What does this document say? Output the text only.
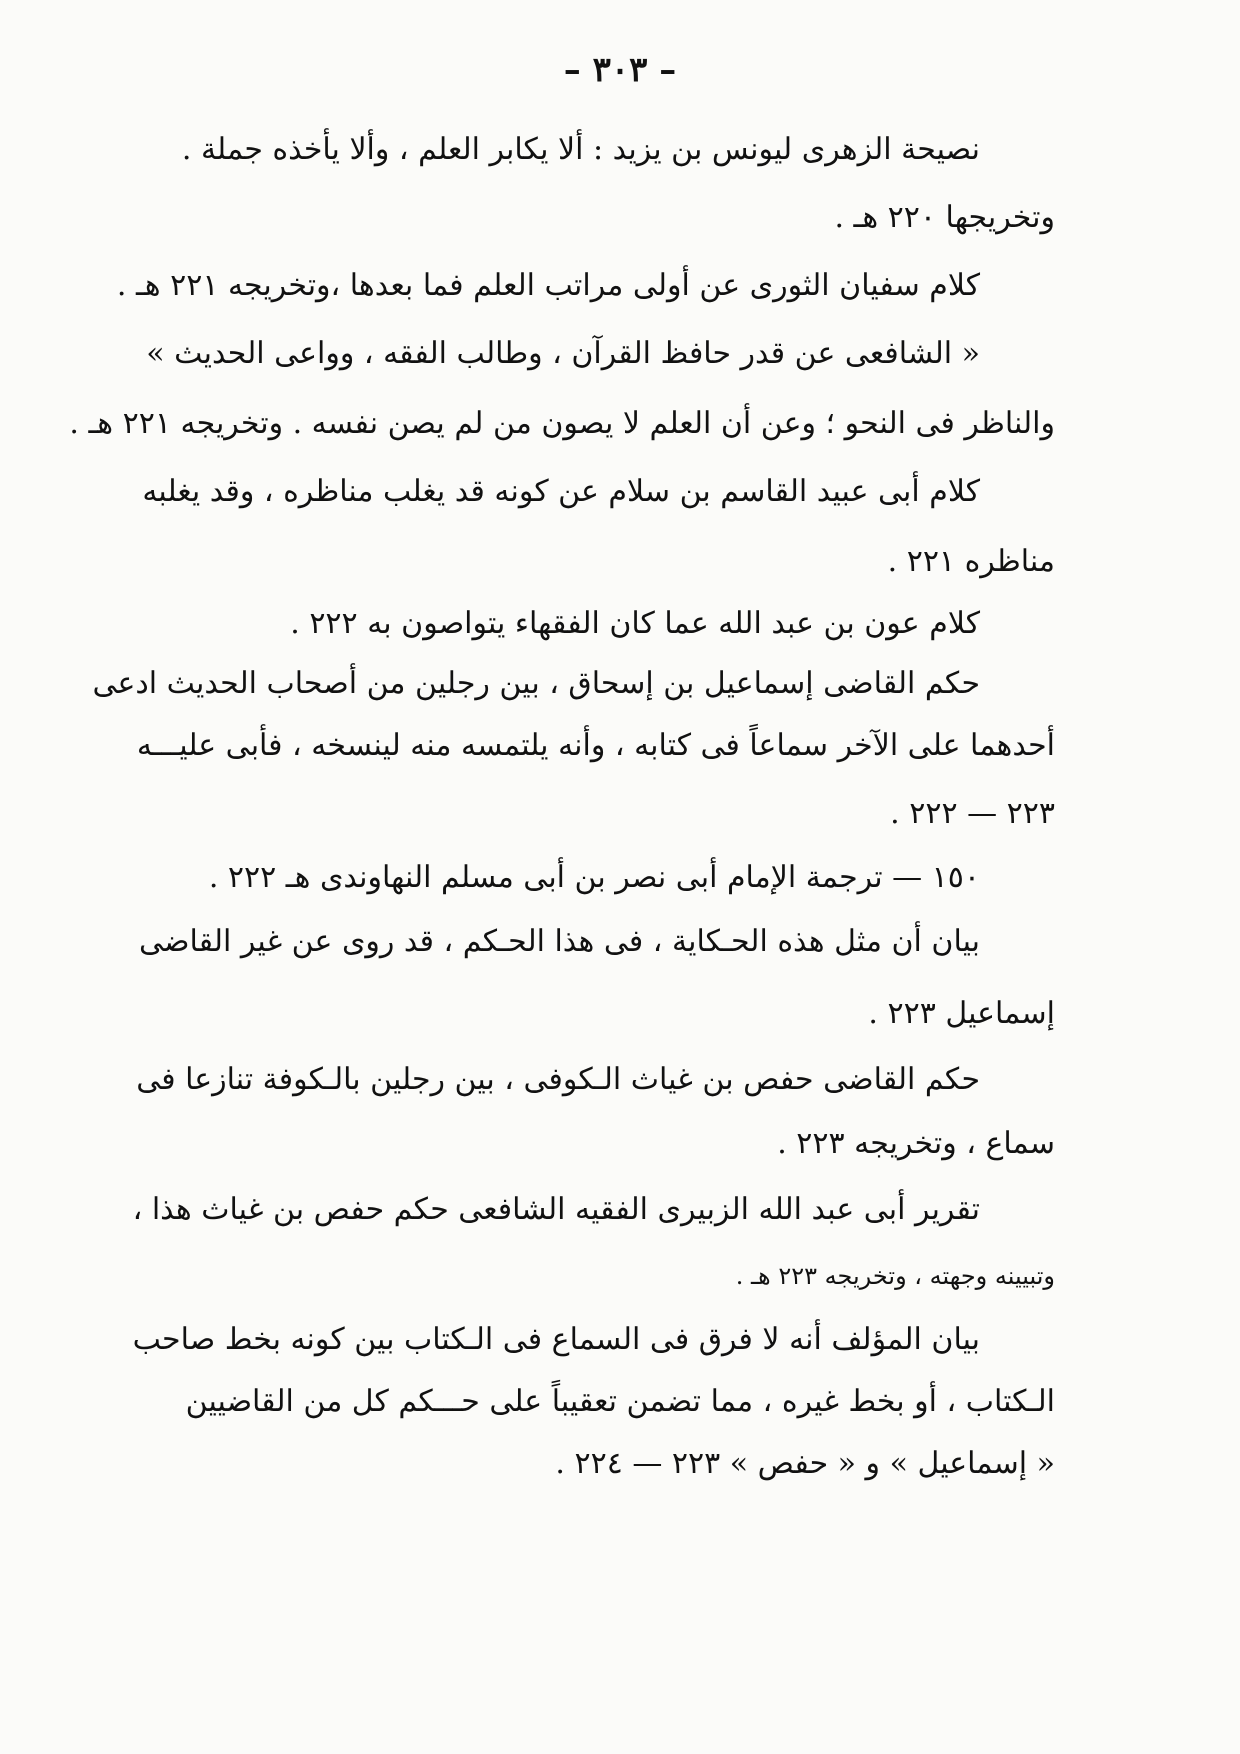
– ٣٠٣ –
نصيحة الزهرى ليونس بن يزيد : ألا يكابر العلم ، وألا يأخذه جملة .
وتخريجها ٢٢٠ هـ .
كلام سفيان الثورى عن أولى مراتب العلم فما بعدها ،وتخريجه ٢٢١ هـ .
« الشافعى عن قدر حافظ القرآن ، وطالب الفقه ، وواعى الحديث »
والناظر فى النحو ؛ وعن أن العلم لا يصون من لم يصن نفسه . وتخريجه ٢٢١ هـ .
كلام أبى عبيد القاسم بن سلام عن كونه قد يغلب مناظره ، وقد يغلبه
مناظره ٢٢١ .
كلام عون بن عبد الله عما كان الفقهاء يتواصون به ٢٢٢ .
حكم القاضى إسماعيل بن إسحاق ، بين رجلين من أصحاب الحديث ادعى
أحدهما على الآخر سماعاً فى كتابه ، وأنه يلتمسه منه لينسخه ، فأبى عليـــه
. ٢٢٣ — ٢٢٢
١٥٠ — ترجمة الإمام أبى نصر بن أبى مسلم النهاوندى هـ ٢٢٢ .
بيان أن مثل هذه الحـكاية ، فى هذا الحـكم ، قد روى عن غير القاضى
إسماعيل ٢٢٣ .
حكم القاضى حفص بن غياث الـكوفى ، بين رجلين بالـكوفة تنازعا فى
سماع ، وتخريجه ٢٢٣ .
تقرير أبى عبد الله الزبيرى الفقيه الشافعى حكم حفص بن غياث هذا ،
وتبيينه وجهته ، وتخريجه ٢٢٣ هـ .
بيان المؤلف أنه لا فرق فى السماع فى الـكتاب بين كونه بخط صاحب
الـكتاب ، أو بخط غيره ، مما تضمن تعقيباً على حـــكم كل من القاضيين
« إسماعيل » و « حفص » ٢٢٣ — ٢٢٤ .
